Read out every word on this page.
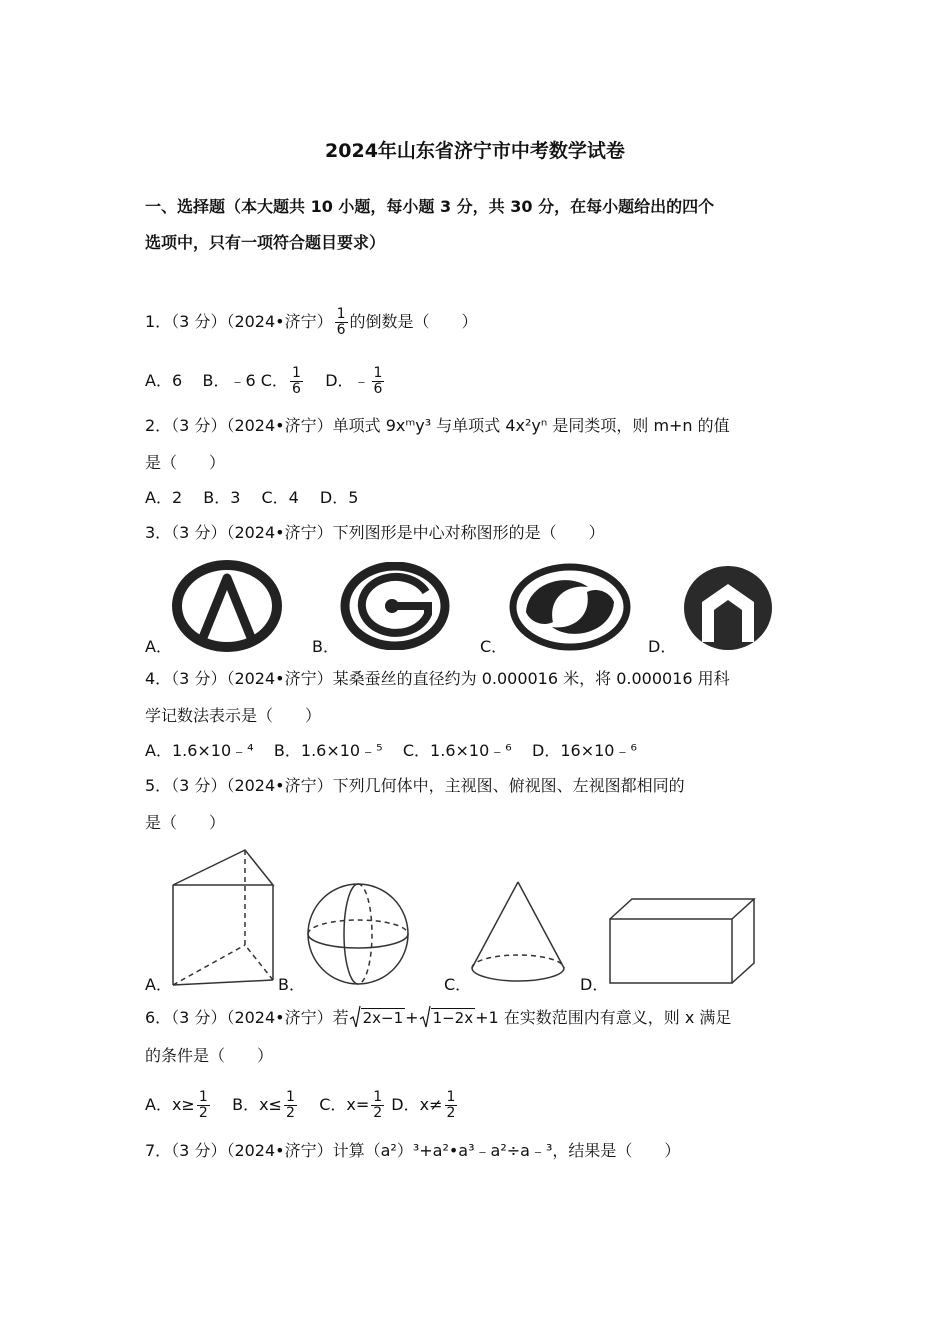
2024年山东省济宁市中考数学试卷
一、选择题（本大题共 10 小题，每小题 3 分，共 30 分，在每小题给出的四个
选项中，只有一项符合题目要求）
1．（3 分）（2024•济宁） $\frac{1}{6}$ 的倒数是（　　）
A．6 B．﹣6 C． $\frac{1}{6}$ D．﹣ $\frac{1}{6}$
2．（3 分）（2024•济宁）单项式 9xᵐy³ 与单项式 4x²yⁿ 是同类项，则 m+n 的值
是（　　）
A．2　 B．3　 C．4　 D．5
3．（3 分）（2024•济宁）下列图形是中心对称图形的是（　　）
A．	B．	C．	D．
4．（3 分）（2024•济宁）某桑蚕丝的直径约为 0.000016 米，将 0.000016 用科
学记数法表示是（　　）
A．1.6×10﹣⁴ B．1.6×10﹣⁵ C．1.6×10﹣⁶ D．16×10﹣⁶
5．（3 分）（2024•济宁）下列几何体中，主视图、俯视图、左视图都相同的
是（　　）
A．	B．	C．	D．
6．（3 分）（2024•济宁）若 2x−1 + 1−2x +1 在实数范围内有意义，则 x 满足
的条件是（　　）
A．$x\ge \frac{1}{2}$ B．$x\le \frac{1}{2}$ C．$x= \frac{1}{2}$ D．$x\ne \frac{1}{2}$
7．（3 分）（2024•济宁）计算（a²）³+a²•a³﹣a²÷a﹣³，结果是（　　）
